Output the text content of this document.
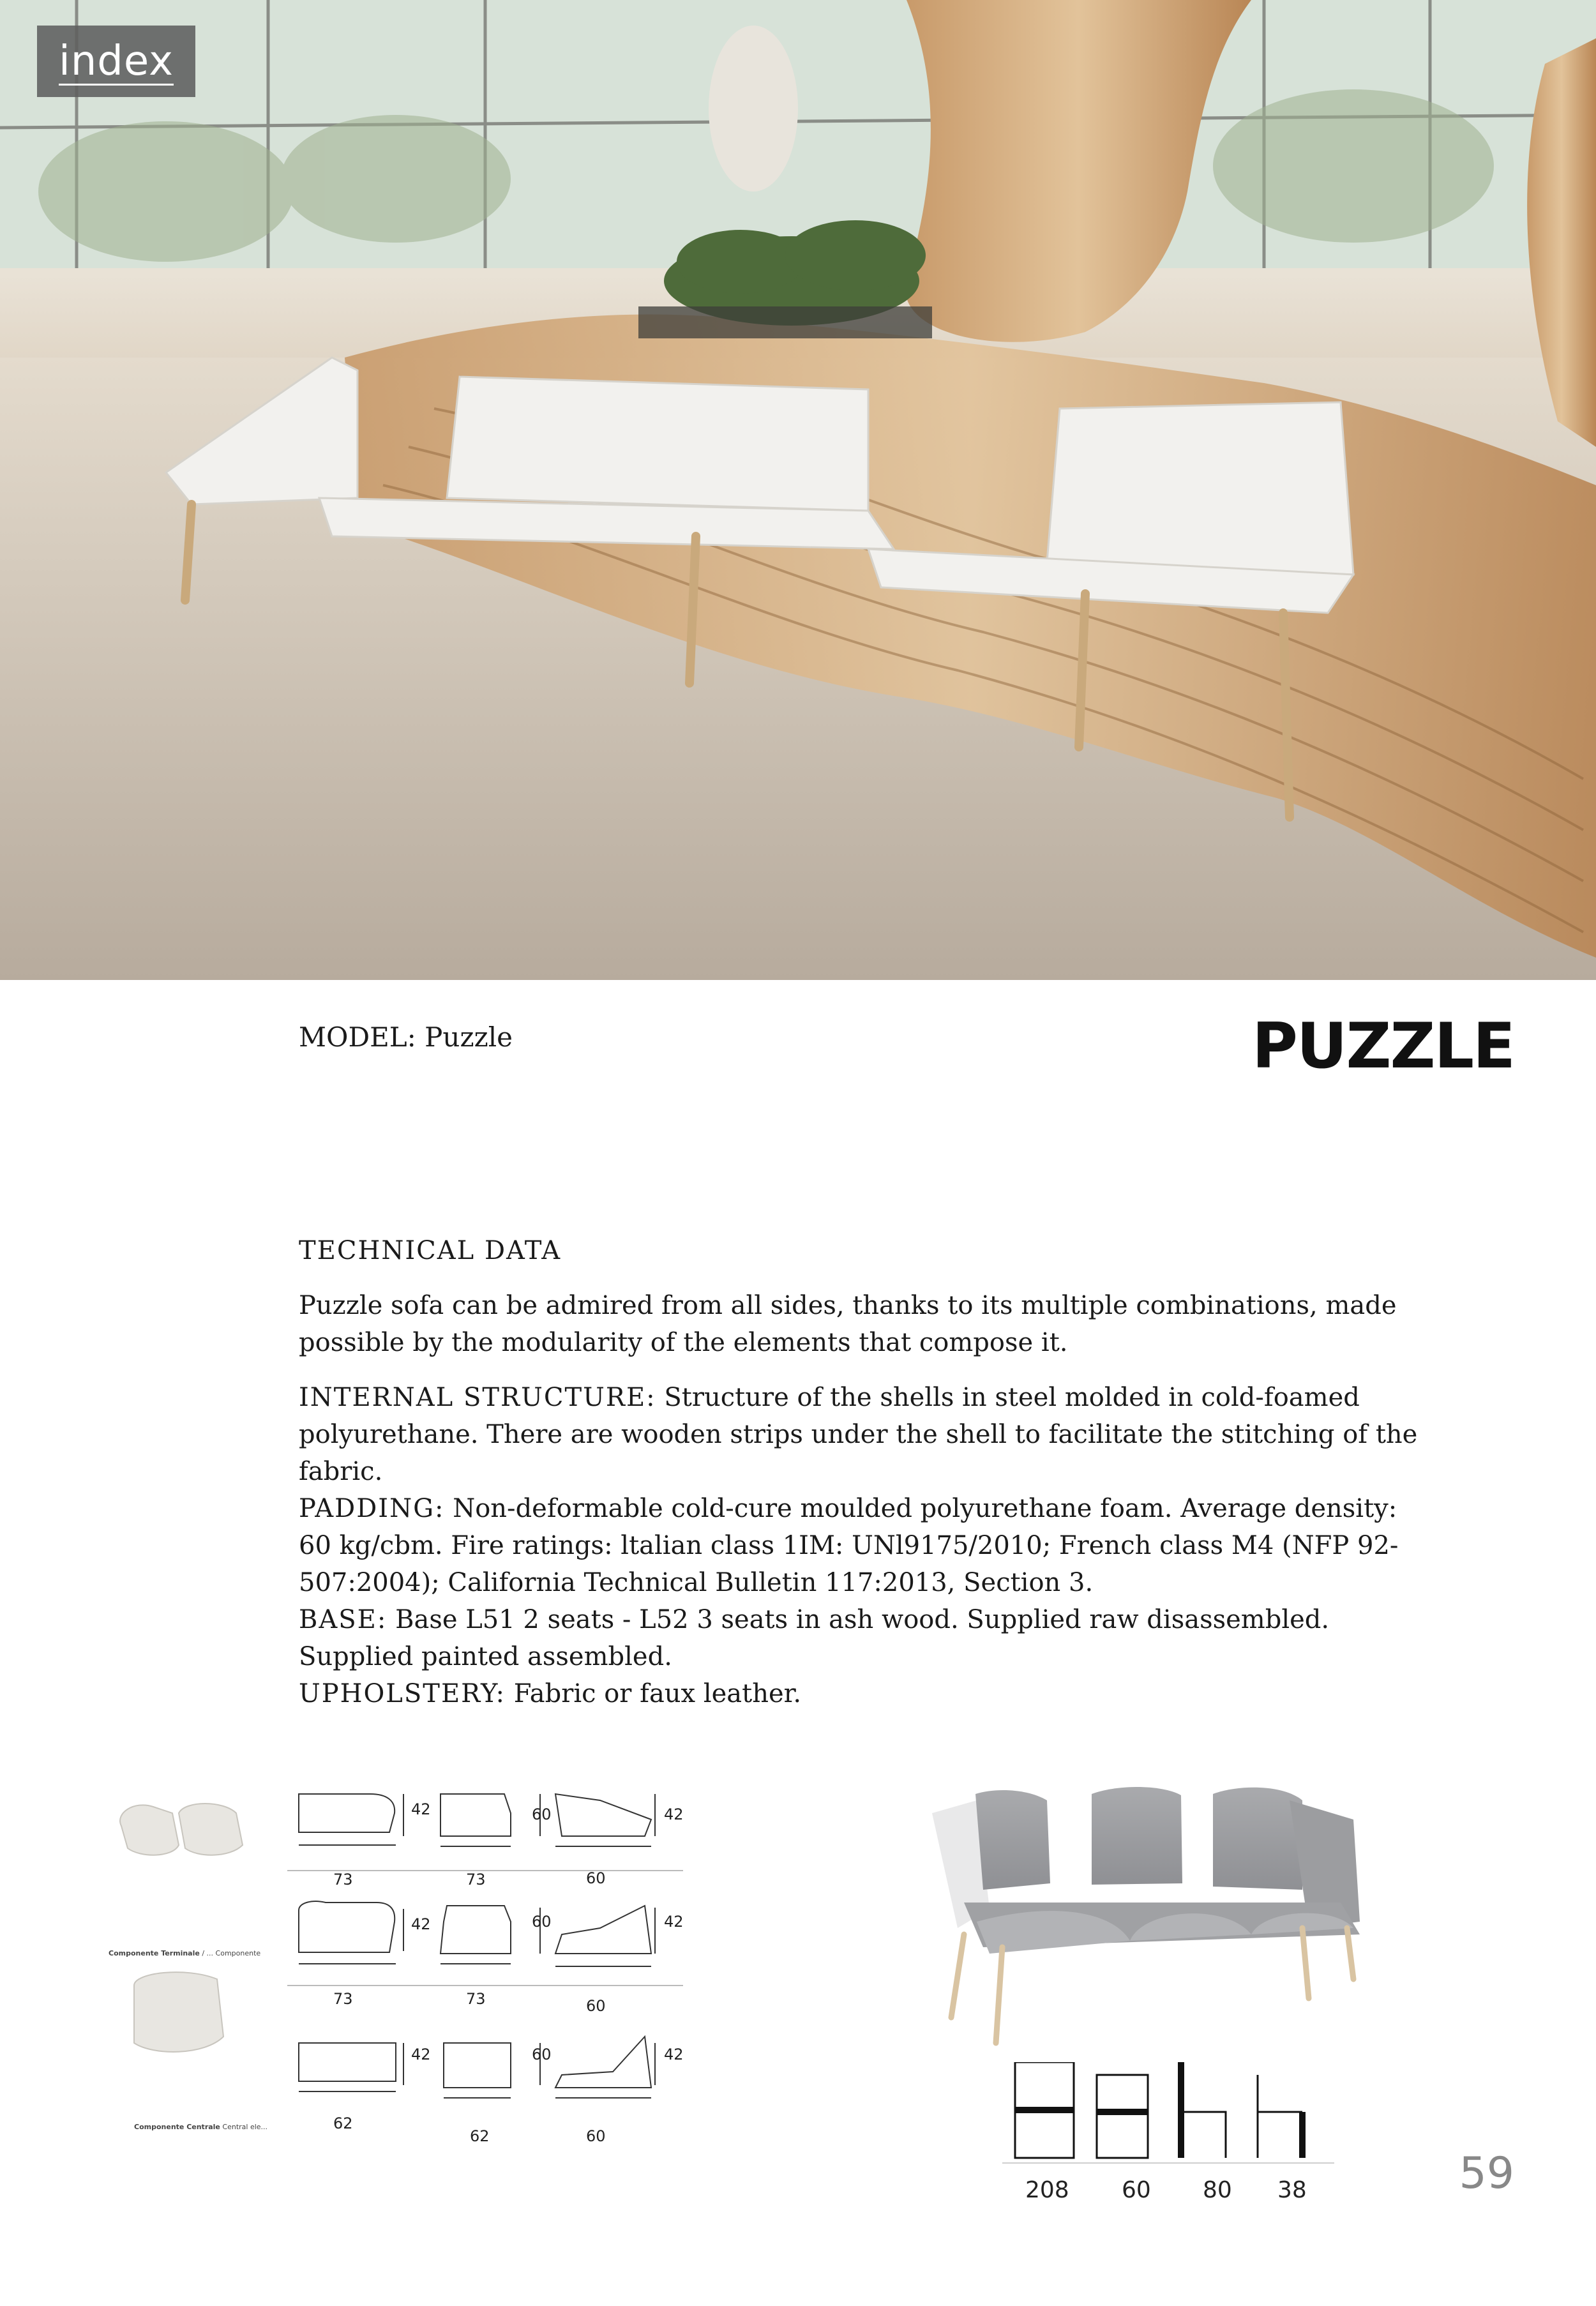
index
MODEL: Puzzle	PUZZLE

TECHNICAL DATA

Puzzle sofa can be admired from all sides, thanks to its multiple combinations, made possible by the modularity of the elements that compose it.

INTERNAL STRUCTURE: Structure of the shells in steel molded in cold-foamed polyurethane. There are wooden strips under the shell to facilitate the stitching of the fabric.

PADDING: Non-deformable cold-cure moulded polyurethane foam. Average density: 60 kg/cbm. Fire ratings: ltalian class 1IM: UNl9175/2010; French class M4 (NFP 92-507:2004); California Technical Bulletin 117:2013, Section 3.

BASE: Base L51 2 seats - L52 3 seats in ash wood. Supplied raw disassembled. Supplied painted assembled.

UPHOLSTERY: Fabric or faux leather.

Componente Terminale / ... Componente
Componente Centrale Central ele...
42
73	73
60	42
60
42
73	73
60	42
60
42
62
62
60	42
60
208 60 80 38	59
